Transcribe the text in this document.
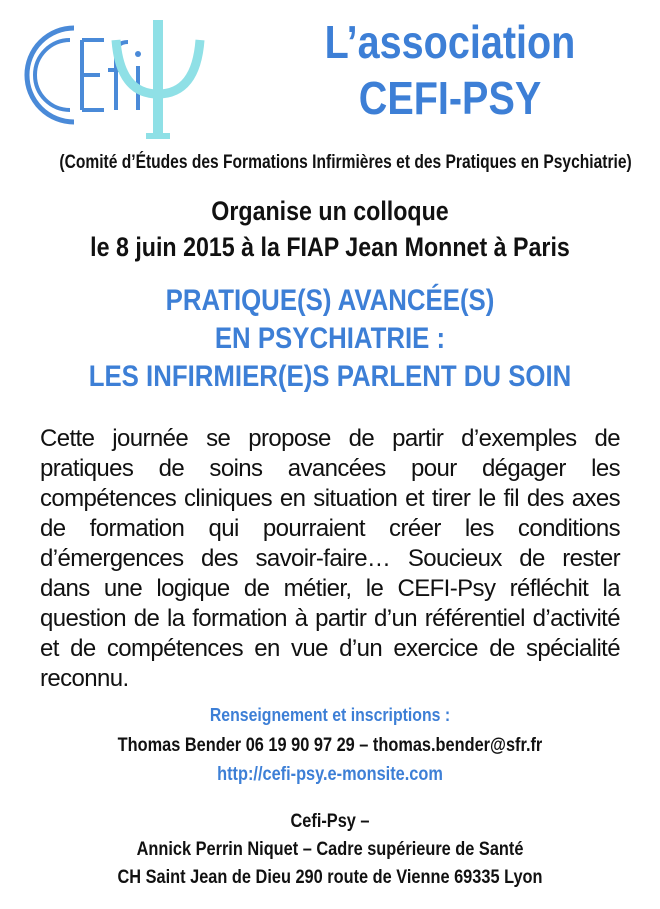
L’association
CEFI-PSY
(Comité d’Études des Formations Infirmières et des Pratiques en Psychiatrie)
Organise un colloque
le 8 juin 2015 à la FIAP Jean Monnet à Paris
PRATIQUE(S) AVANCÉE(S)
EN PSYCHIATRIE :
LES INFIRMIER(E)S PARLENT DU SOIN

Cette journée se propose de partir d’exemples de pratiques de soins avancées pour dégager les compétences cliniques en situation et tirer le fil des axes de formation qui pourraient créer les conditions d’émergences des savoir-faire… Soucieux de rester dans une logique de métier, le CEFI-Psy réfléchit la question de la formation à partir d’un référentiel d’activité et de compétences en vue d’un exercice de spécialité reconnu.

Renseignement et inscriptions :
Thomas Bender 06 19 90 97 29 – thomas.bender@sfr.fr
http://cefi-psy.e-monsite.com
Cefi-Psy –
Annick Perrin Niquet – Cadre supérieure de Santé
CH Saint Jean de Dieu 290 route de Vienne 69335 Lyon
